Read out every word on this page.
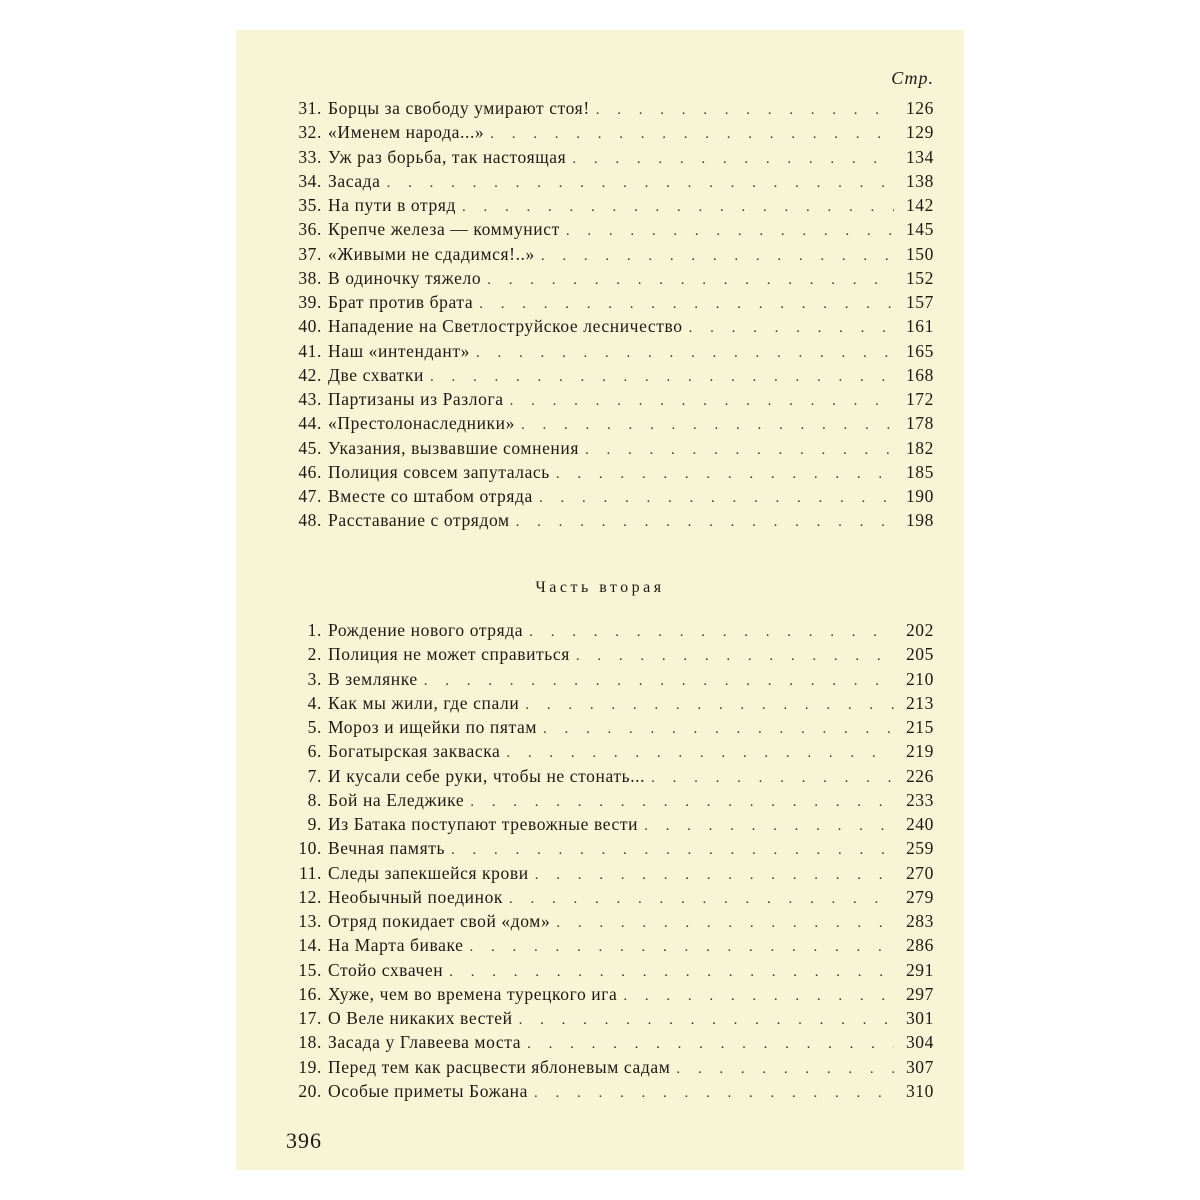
Стр.
31. Борцы за свободу умирают стоя! . . .	126
32. «Именем народа...» . . .	129
33. Уж раз борьба, так настоящая . . .	134
34. Засада . . .	138
35. На пути в отряд . . .	142
36. Крепче железа — коммунист . . .	145
37. «Живыми не сдадимся!..» . . .	150
38. В одиночку тяжело . . .	152
39. Брат против брата . . .	157
40. Нападение на Светлоструйское лесничество . . .	161
41. Наш «интендант» . . .	165
42. Две схватки . . .	168
43. Партизаны из Разлога . . .	172
44. «Престолонаследники» . . .	178
45. Указания, вызвавшие сомнения . . .	182
46. Полиция совсем запуталась . . .	185
47. Вместе со штабом отряда . . .	190
48. Расставание с отрядом . . .	198
Часть вторая
1. Рождение нового отряда . . .	202
2. Полиция не может справиться . . .	205
3. В землянке . . .	210
4. Как мы жили, где спали . . .	213
5. Мороз и ищейки по пятам . . .	215
6. Богатырская закваска . . .	219
7. И кусали себе руки, чтобы не стонать... . . .	226
8. Бой на Еледжике . . .	233
9. Из Батака поступают тревожные вести . . .	240
10. Вечная память . . .	259
11. Следы запекшейся крови . . .	270
12. Необычный поединок . . .	279
13. Отряд покидает свой «дом» . . .	283
14. На Марта биваке . . .	286
15. Стойо схвачен . . .	291
16. Хуже, чем во времена турецкого ига . . .	297
17. О Веле никаких вестей . . .	301
18. Засада у Главеева моста . . .	304
19. Перед тем как расцвести яблоневым садам . . .	307
20. Особые приметы Божана . . .	310
396
